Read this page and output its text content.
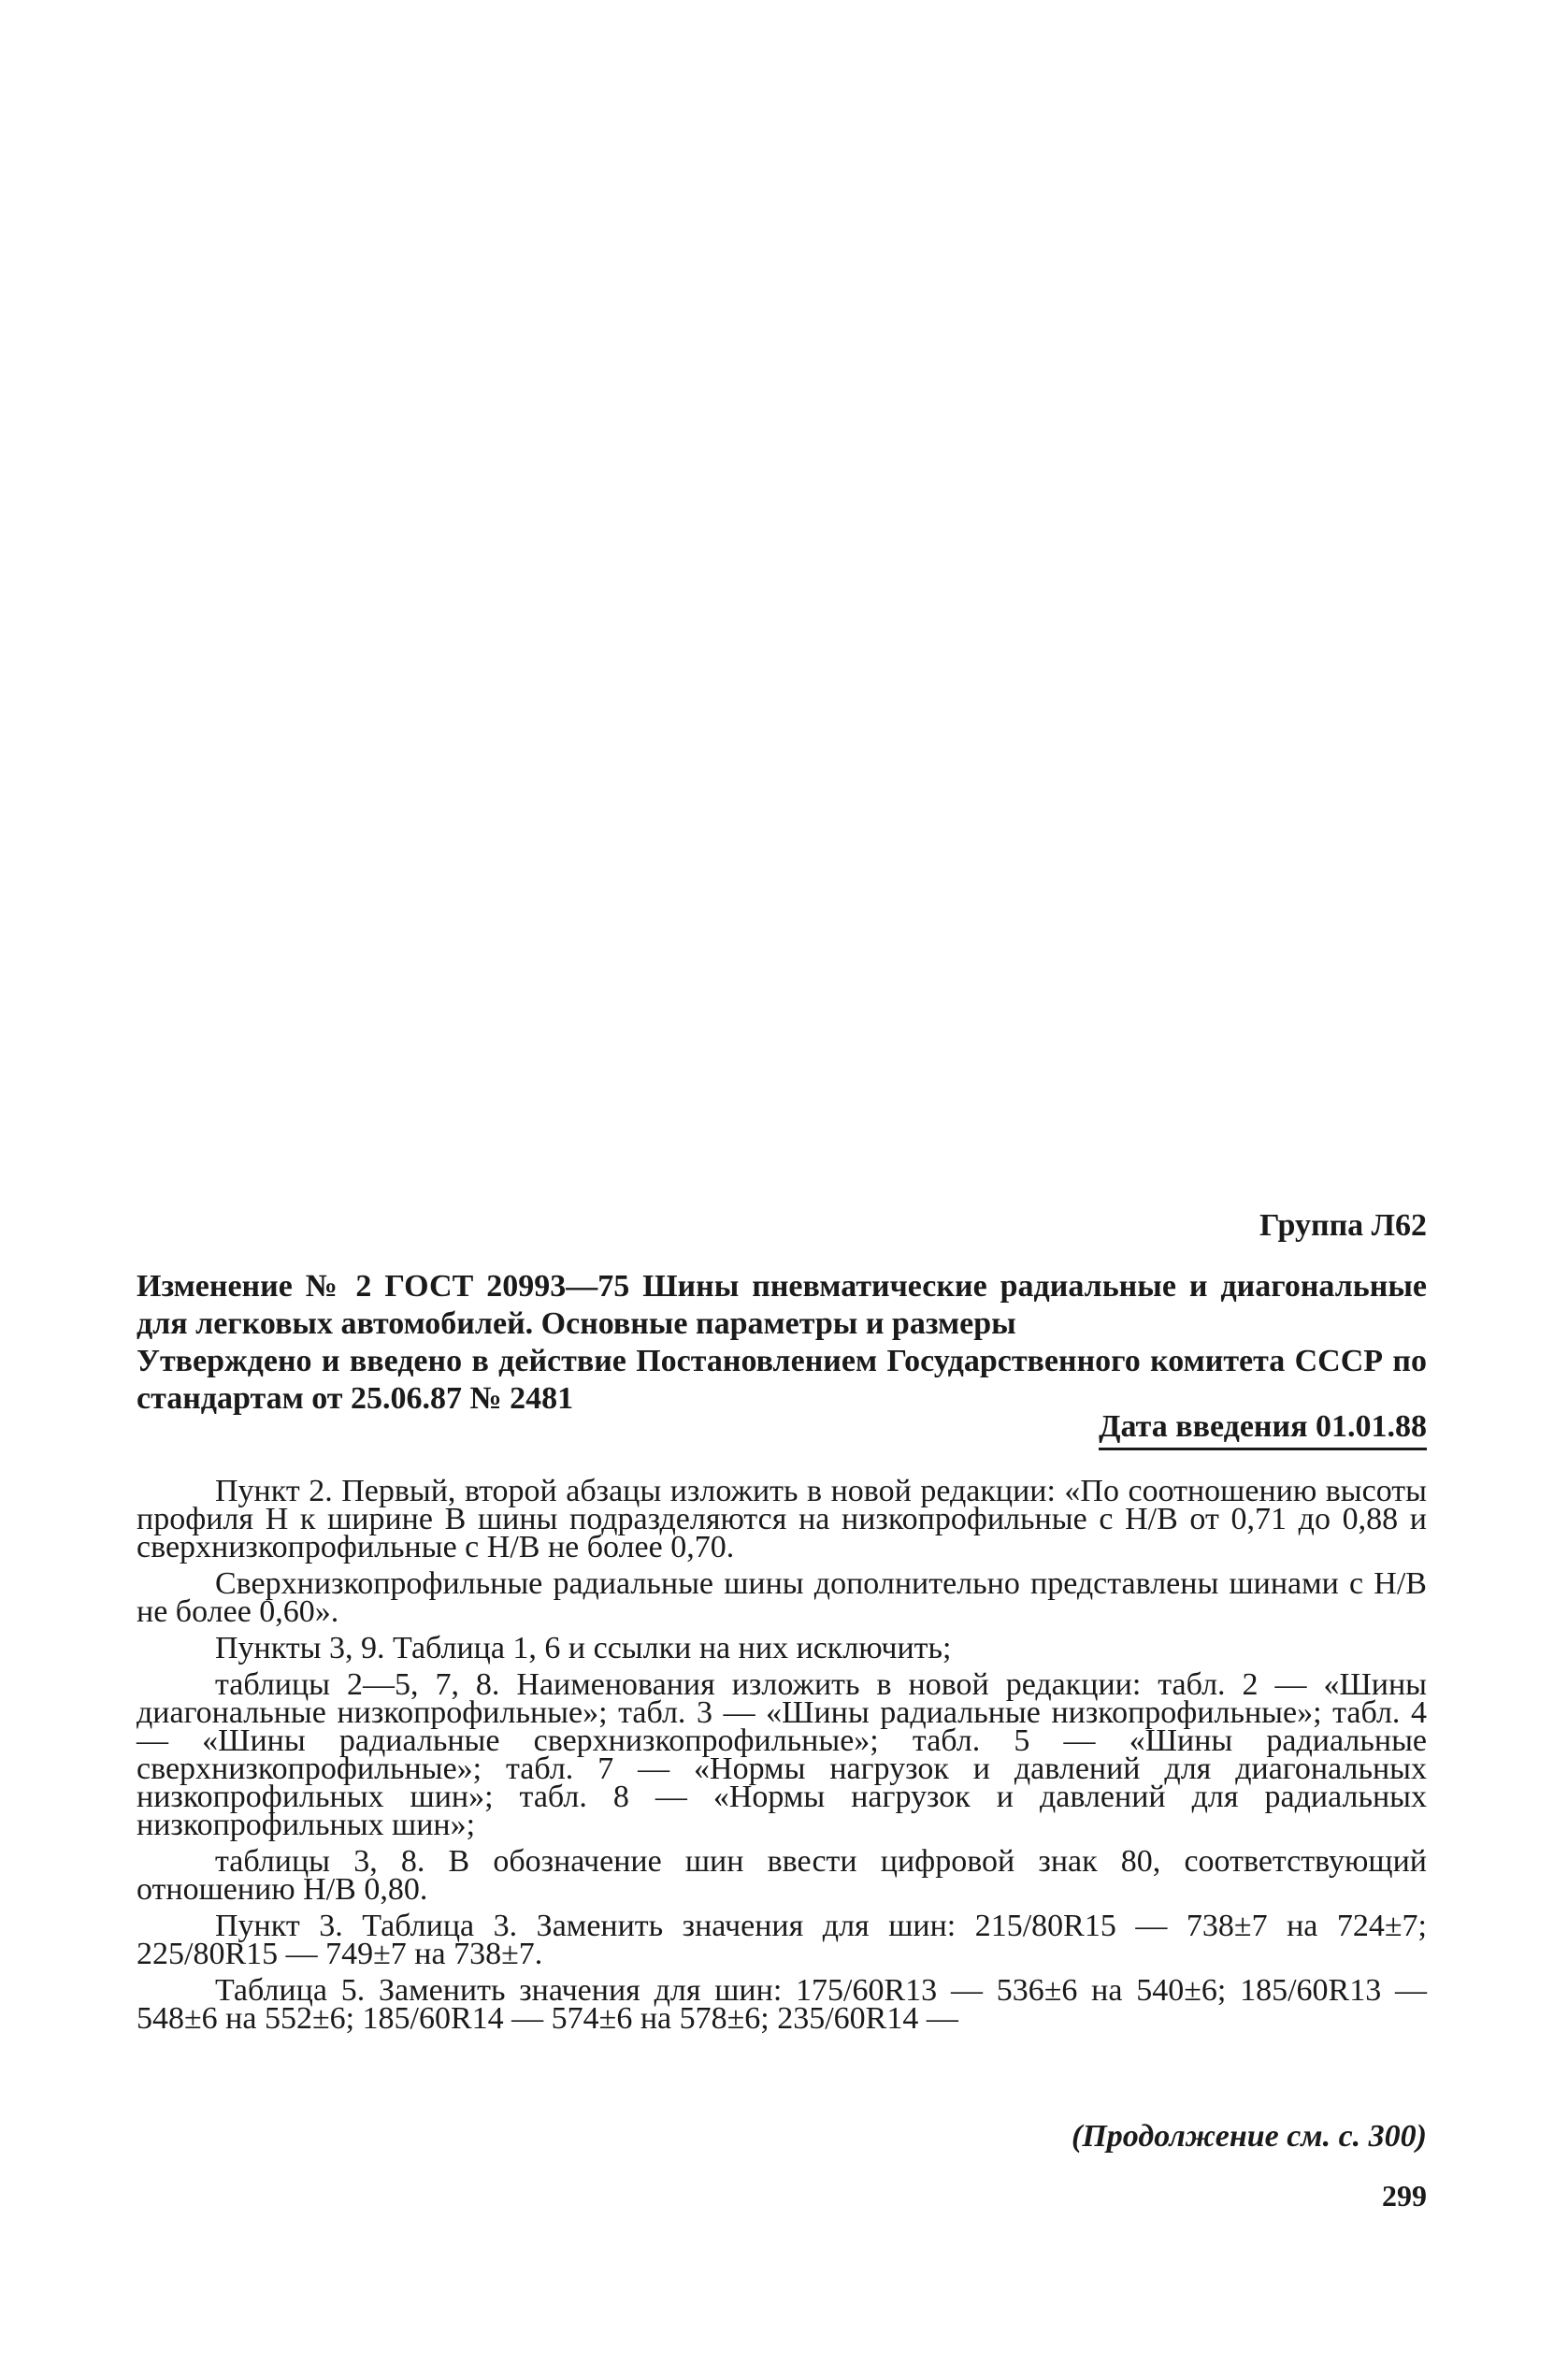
Группа Л62
Изменение № 2 ГОСТ 20993—75 Шины пневматические радиальные и диагональные для легковых автомобилей. Основные параметры и размеры
Утверждено и введено в действие Постановлением Государственного комитета СССР по стандартам от 25.06.87 № 2481
Дата введения 01.01.88

Пункт 2. Первый, второй абзацы изложить в новой редакции: «По соотношению высоты профиля H к ширине В шины подразделяются на низкопрофильные с H/B от 0,71 до 0,88 и сверхнизкопрофильные с H/B не более 0,70.

Сверхнизкопрофильные радиальные шины дополнительно представлены шинами с H/B не более 0,60».

Пункты 3, 9. Таблица 1, 6 и ссылки на них исключить;

таблицы 2—5, 7, 8. Наименования изложить в новой редакции: табл. 2 — «Шины диагональные низкопрофильные»; табл. 3 — «Шины радиальные низкопрофильные»; табл. 4 — «Шины радиальные сверхнизкопрофильные»; табл. 5 — «Шины радиальные сверхнизкопрофильные»; табл. 7 — «Нормы нагрузок и давлений для диагональных низкопрофильных шин»; табл. 8 — «Нормы нагрузок и давлений для радиальных низкопрофильных шин»;

таблицы 3, 8. В обозначение шин ввести цифровой знак 80, соответствующий отношению H/B 0,80.

Пункт 3. Таблица 3. Заменить значения для шин: 215/80R15 — 738±7 на 724±7; 225/80R15 — 749±7 на 738±7.

Таблица 5. Заменить значения для шин: 175/60R13 — 536±6 на 540±6; 185/60R13 — 548±6 на 552±6; 185/60R14 — 574±6 на 578±6; 235/60R14 —

(Продолжение см. с. 300)
299
